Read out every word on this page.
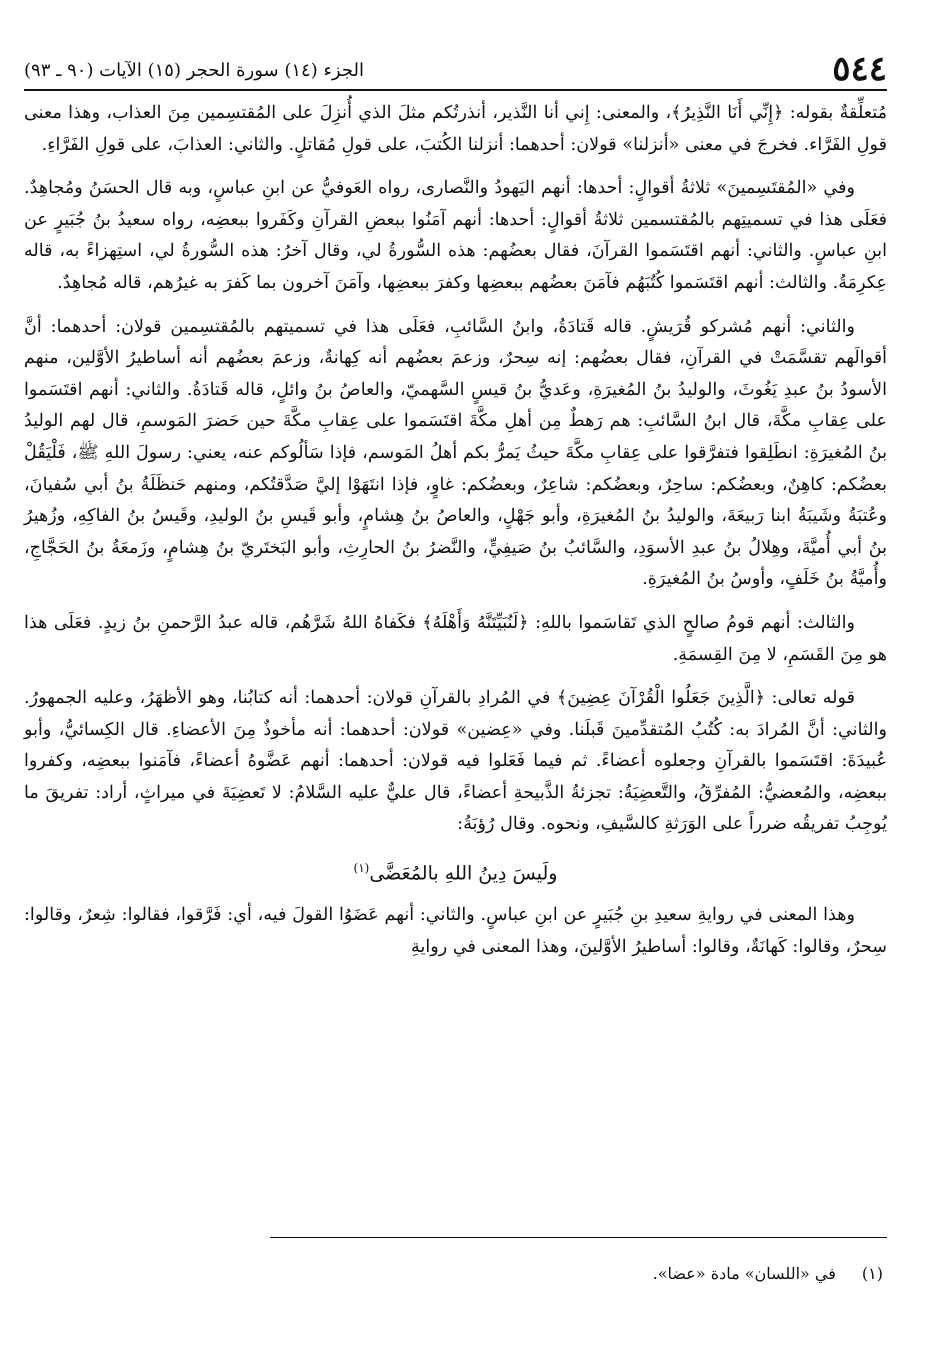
٥٤٤
الجزء (١٤) سورة الحجر (١٥) الآيات (٩٠ ـ ٩٣)

مُتعلِّقةٌ بقوله: ﴿إِنِّي أَنَا النَّذِيرُ﴾، والمعنى: إِني أنا النَّذير، أنذرتُكم مثلَ الذي أُنزِلَ على المُقتسِمين مِنَ العذاب، وهذا معنى قولِ الفَرَّاء. فخرجَ في معنى «أنزلنا» قولان: أحدهما: أنزلنا الكُتبَ، على قولِ مُقاتلٍ. والثاني: العذابَ، على قولِ الفَرَّاءِ.

وفي «المُقتَسِمينَ» ثلاثةُ أقوالٍ: أحدها: أنهم اليَهودُ والنَّصارى، رواه العَوفيُّ عن ابنِ عباسٍ، وبه قال الحسَنُ ومُجاهِدٌ. فعَلَى هذا في تسميتِهم بالمُقتسمين ثلاثةُ أقوالٍ: أحدها: أنهم آمَنُوا ببعضِ القرآنِ وكَفَروا ببعضِه، رواه سعيدُ بنُ جُبَيرٍ عن ابنِ عباسٍ. والثاني: أنهم اقتَسَموا القرآنَ، فقال بعضُهم: هذه السُّورةُ لي، وقال آخرُ: هذه السُّورةُ لي، استِهزاءً به، قاله عِكرِمَةُ. والثالث: أنهم اقتَسَموا كُتُبَهُم فآمَنَ بعضُهم ببعضِها وكفرَ ببعضِها، وآمَنَ آخرون بما كَفرَ به غيرُهم، قاله مُجاهِدٌ.

والثاني: أنهم مُشركو قُرَيشٍ. قاله قَتادَةُ، وابنُ السَّائبِ، فعَلَى هذا في تسميتهم بالمُقتسِمين قولان: أحدهما: أنَّ أقوالَهم تقسَّمَتْ في القرآنِ، فقال بعضُهم: إنه سِحرٌ، وزعمَ بعضُهم أنه كِهانةٌ، وزعمَ بعضُهم أنه أساطيرُ الأوَّلين، منهم الأسودُ بنُ عبدِ يَغُوثَ، والوليدُ بنُ المُغيرَةِ، وعَديُّ بنُ قيسٍ السَّهميّ، والعاصُ بنُ وائلٍ، قاله قَتادَةُ. والثاني: أنهم اقتَسَموا على عِقابِ مكَّةَ، قال ابنُ السَّائبِ: هم رَهطٌ مِن أهلِ مكَّةَ اقتَسَموا على عِقابِ مكَّةَ حين حَضرَ المَوسمِ، قال لهم الوليدُ بنُ المُغيرَةِ: انطَلِقوا فتفرَّقوا على عِقابِ مكَّةَ حيثُ يَمرُّ بكم أهلُ المَوسم، فإذا سَألُوكم عنه، يعني: رسولَ اللهِ ﷺ، فَلْيَقُلْ بعضُكم: كاهِنٌ، وبعضُكم: ساحِرٌ، وبعضُكم: شاعِرٌ، وبعضُكم: غاوٍ، فإذا انتَهَوْا إليَّ صَدَّقتُكم، ومنهم حَنظَلَةُ بنُ أبي سُفيانَ، وعُتبَةُ وشَيبَةُ ابنا رَبيعَةَ، والوليدُ بنُ المُغيرَةِ، وأبو جَهْلٍ، والعاصُ بنُ هِشامٍ، وأبو قَيسِ بنُ الوليدِ، وقَيسُ بنُ الفاكِهِ، وزُهيرُ بنُ أبي أُميَّةَ، وهِلالُ بنُ عبدِ الأسوَدِ، والسَّائبُ بنُ صَيفِيٍّ، والنَّضرُ بنُ الحارِثِ، وأبو البَختَريّ بنُ هِشامٍ، وزَمعَةُ بنُ الحَجَّاجِ، وأُميَّةُ بنُ خَلَفٍ، وأوسُ بنُ المُغيرَةِ.

والثالث: أنهم قومُ صالحٍ الذي تَقاسَموا باللهِ: ﴿لَنُبَيِّتَنَّهُ وَأَهْلَهُ﴾ فكَفاهُ اللهُ شَرَّهُم، قاله عبدُ الرَّحمنِ بنُ زيدٍ. فعَلَى هذا هو مِنَ القَسَمِ، لا مِنَ القِسمَةِ.

قوله تعالى: ﴿الَّذِينَ جَعَلُوا الْقُرْآنَ عِضِينَ﴾ في المُرادِ بالقرآنِ قولان: أحدهما: أنه كتابُنا، وهو الأظهَرُ، وعليه الجمهورُ. والثاني: أنَّ المُرادَ به: كُتُبُ المُتقدِّمينَ قَبلَنا. وفي «عِضين» قولان: أحدهما: أنه مأخوذٌ مِنَ الأعضاءِ. قال الكِسائيُّ، وأبو عُبيدَةَ: اقتَسَموا بالقرآنِ وجعلوه أعضاءً. ثم فيما فَعَلوا فيه قولان: أحدهما: أنهم عَضَّوهُ أعضاءً، فآمَنوا ببعضِه، وكفروا ببعضِه، والمُعضيُّ: المُفرِّقُ، والتَّعضِيَةُ: تجزئةُ الذَّبيحةِ أعضاءً، قال عليٌّ عليه السَّلامُ: لا تَعضِيَةَ في ميراثٍ، أراد: تفريقَ ما يُوجِبُ تفريقُه ضرراً على الوَرَثةِ كالسَّيفِ، ونحوه. وقال رُؤبَةُ:

ولَيسَ دِينُ اللهِ بالمُعَضَّى$^{(١)}$

وهذا المعنى في روايةِ سعيدِ بنِ جُبَيرٍ عن ابنِ عباسٍ. والثاني: أنهم عَضَوُا القولَ فيه، أي: فَرَّقوا، فقالوا: شِعرٌ، وقالوا: سِحرٌ، وقالوا: كَهانَةٌ، وقالوا: أساطيرُ الأوَّلينَ، وهذا المعنى في روايةِ

(١)في «اللسان» مادة «عضا».
